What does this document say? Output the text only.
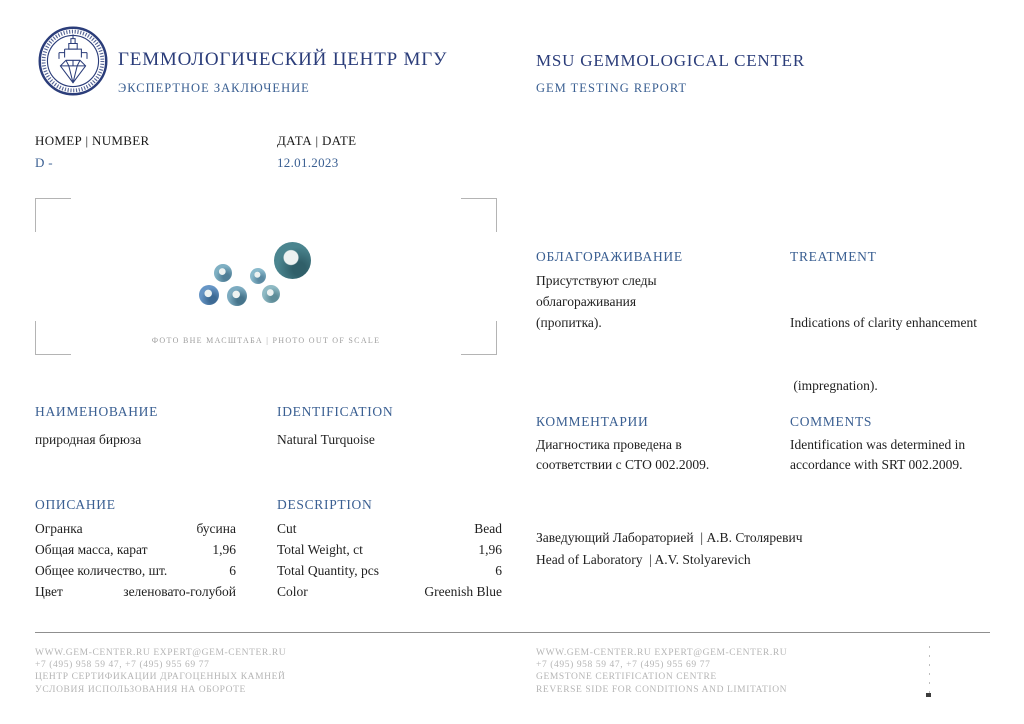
ГЕММОЛОГИЧЕСКИЙ ЦЕНТР МГУ
ЭКСПЕРТНОЕ ЗАКЛЮЧЕНИЕ
MSU GEMMOLOGICAL CENTER
GEM TESTING REPORT
НОМЕР | NUMBER
D -
ДАТА | DATE
12.01.2023
ФОТО ВНЕ МАСШТАБА | PHOTO OUT OF SCALE
ОБЛАГОРАЖИВАНИЕ	TREATMENT
Присутствуют следы
облагораживания
(пропитка).

	Indications of clarity enhancement

(impregnation).

НАИМЕНОВАНИЕ	IDENTIFICATION
природная бирюза	Natural Turquoise
КОММЕНТАРИИ	COMMENTS
Диагностика проведена в
соответствии с СТО 002.2009.
Identification was determined in
accordance with SRT 002.2009.
ОПИСАНИЕ	DESCRIPTION
Огранка	бусина
Общая масса, карат	1,96
Общее количество, шт.	6
Цвет	зеленовато-голубой
Cut	Bead
Total Weight, ct	1,96
Total Quantity, pcs	6
Color	Greenish Blue
Заведующий Лабораторией  | А.В. Столяревич
Head of Laboratory  | A.V. Stolyarevich
WWW.GEM-CENTER.RU EXPERT@GEM-CENTER.RU
+7 (495) 958 59 47, +7 (495) 955 69 77
ЦЕНТР СЕРТИФИКАЦИИ ДРАГОЦЕННЫХ КАМНЕЙ
УСЛОВИЯ ИСПОЛЬЗОВАНИЯ НА ОБОРОТЕ
WWW.GEM-CENTER.RU EXPERT@GEM-CENTER.RU
+7 (495) 958 59 47, +7 (495) 955 69 77
GEMSTONE CERTIFICATION CENTRE
REVERSE SIDE FOR CONDITIONS AND LIMITATION
